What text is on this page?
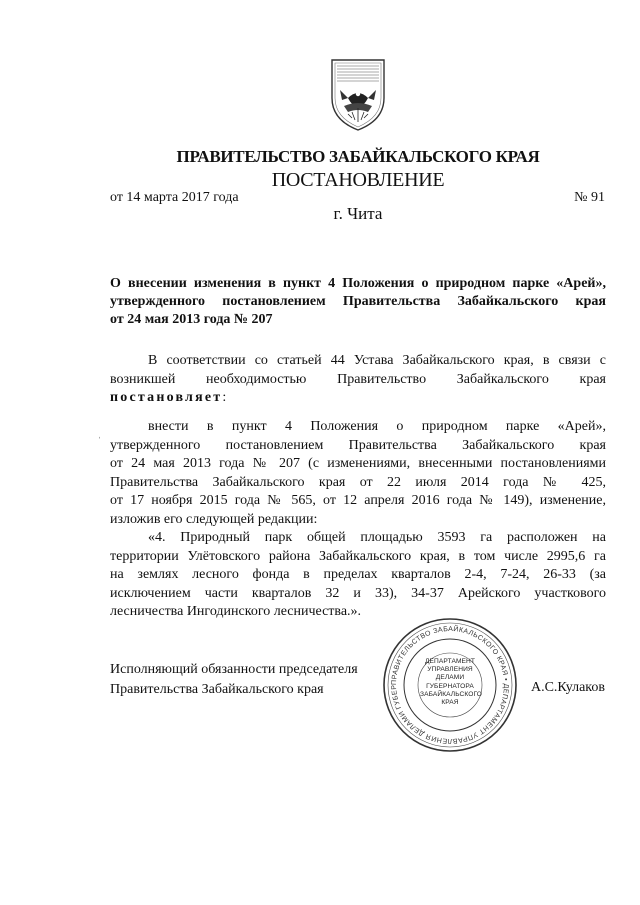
ПРАВИТЕЛЬСТВО ЗАБАЙКАЛЬСКОГО КРАЯ
ПОСТАНОВЛЕНИЕ
от 14 марта 2017 года	№ 91
г. Чита
О внесении изменения в пункт 4 Положения о природном парке «Арей»,
утвержденного постановлением Правительства Забайкальского края
от 24 мая 2013 года № 207
В соответствии со статьей 44 Устава Забайкальского края, в связи с
возникшей необходимостью Правительство Забайкальского края
постановляет:
ˌ	внести в пункт 4 Положения о природном парке «Арей»,
утвержденного постановлением Правительства Забайкальского края
от 24 мая 2013 года № 207 (с изменениями, внесенными постановлениями
Правительства Забайкальского края от 22 июля 2014 года № 425,
от 17 ноября 2015 года № 565, от 12 апреля 2016 года № 149), изменение,
изложив его следующей редакции:
«4. Природный парк общей площадью 3593 га расположен на
территории Улётовского района Забайкальского края, в том числе 2995,6 га
на землях лесного фонда в пределах кварталов 2-4, 7-24, 26-33 (за
исключением части кварталов 32 и 33), 34-37 Арейского участкового
лесничества Ингодинского лесничества.».
ПРАВИТЕЛЬСТВО ЗАБАЙКАЛЬСКОГО КРАЯ • ДЕПАРТАМЕНТ УПРАВЛЕНИЯ ДЕЛАМИ ГУБЕР
ДЕПАРТАМЕНТ
УПРАВЛЕНИЯ
ДЕЛАМИ
ГУБЕРНАТОРА
ЗАБАЙКАЛЬСКОГО
КРАЯ
Исполняющий обязанности председателя
Правительства Забайкальского края	А.С.Кулаков
